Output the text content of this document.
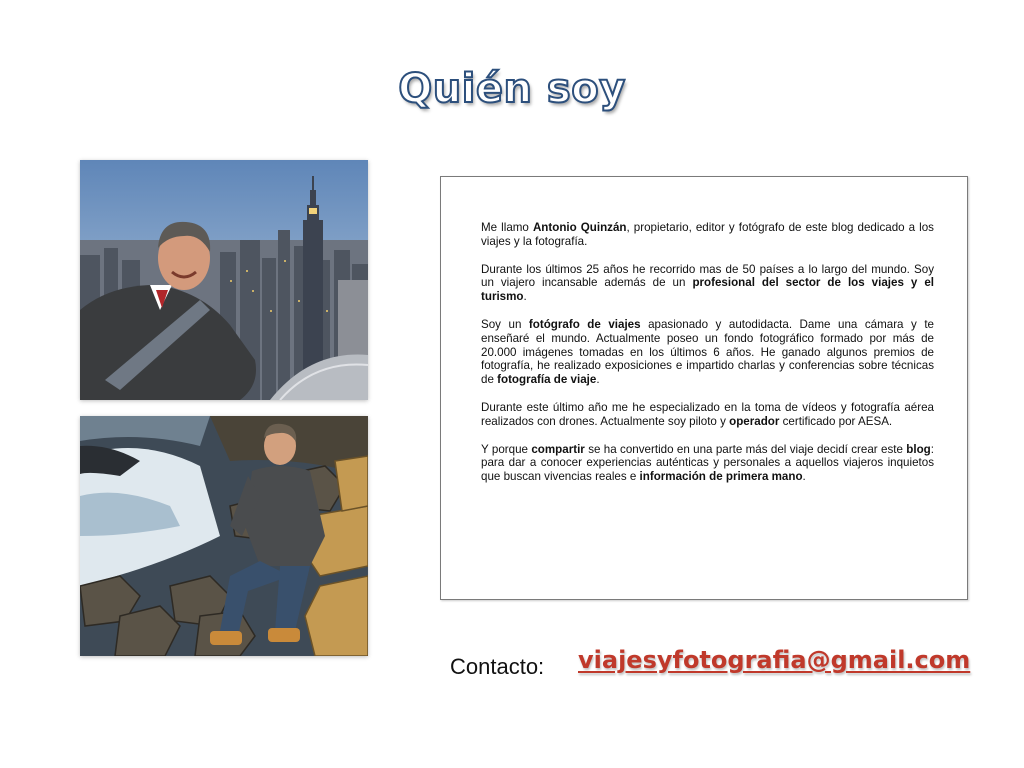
Quién soy

Me llamo Antonio Quinzán, propietario, editor y fotógrafo de este blog dedicado a los viajes y la fotografía.

Durante los últimos 25 años he recorrido mas de 50 países a lo largo del mundo. Soy un viajero incansable además de un profesional del sector de los viajes y el turismo.

Soy un fotógrafo de viajes apasionado y autodidacta. Dame una cámara y te enseñaré el mundo. Actualmente poseo un fondo fotográfico formado por más de 20.000 imágenes tomadas en los últimos 6 años. He ganado algunos premios de fotografía, he realizado exposiciones e impartido charlas y conferencias sobre técnicas de fotografía de viaje.

Durante este último año me he especializado en la toma de vídeos y fotografía aérea realizados con drones. Actualmente soy piloto y operador certificado por AESA.

Y porque compartir se ha convertido en una parte más del viaje decidí crear este blog: para dar a conocer experiencias auténticas y personales a aquellos viajeros inquietos que buscan vivencias reales e información de primera mano.

Contacto: viajesyfotografia@gmail.com
